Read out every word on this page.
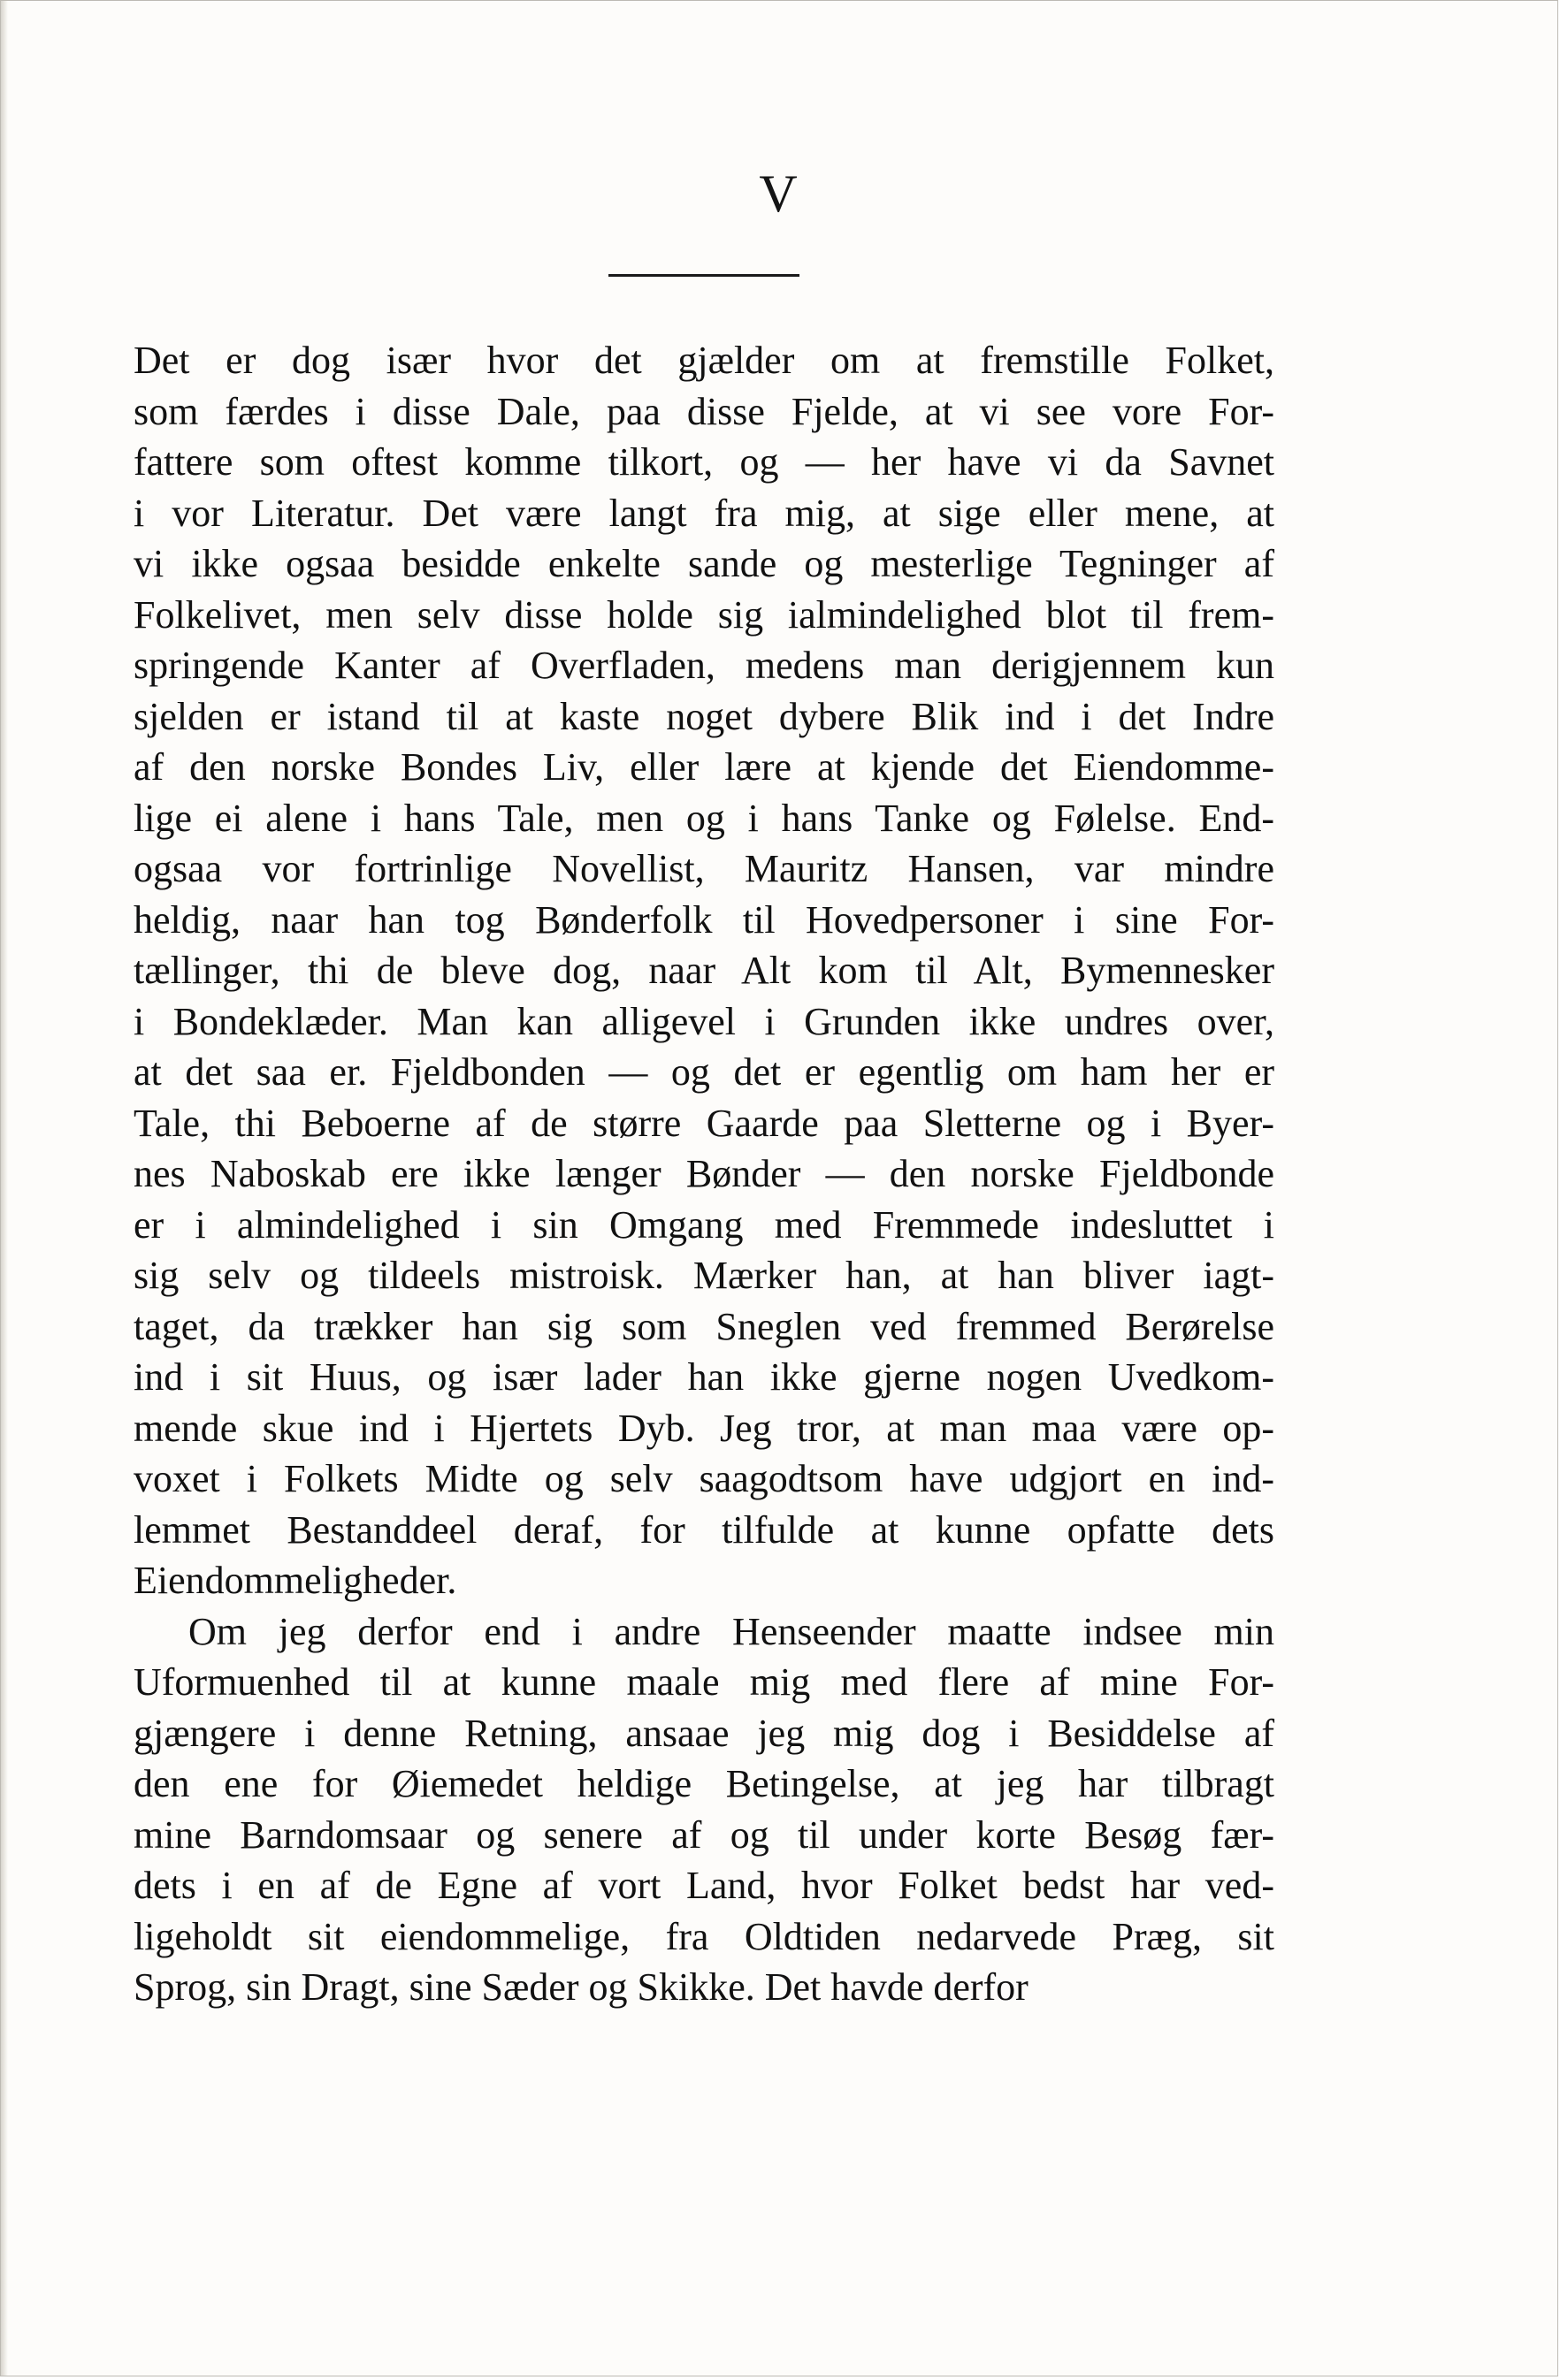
V
Det er dog især hvor det gjælder om at fremstille Folket,
som færdes i disse Dale, paa disse Fjelde, at vi see vore For-
fattere som oftest komme tilkort, og — her have vi da Savnet
i vor Literatur. Det være langt fra mig, at sige eller mene, at
vi ikke ogsaa besidde enkelte sande og mesterlige Tegninger af
Folkelivet, men selv disse holde sig ialmindelighed blot til frem-
springende Kanter af Overfladen, medens man derigjennem kun
sjelden er istand til at kaste noget dybere Blik ind i det Indre
af den norske Bondes Liv, eller lære at kjende det Eiendomme-
lige ei alene i hans Tale, men og i hans Tanke og Følelse. End-
ogsaa vor fortrinlige Novellist, Mauritz Hansen, var mindre
heldig, naar han tog Bønderfolk til Hovedpersoner i sine For-
tællinger, thi de bleve dog, naar Alt kom til Alt, Bymennesker
i Bondeklæder. Man kan alligevel i Grunden ikke undres over,
at det saa er. Fjeldbonden — og det er egentlig om ham her er
Tale, thi Beboerne af de større Gaarde paa Sletterne og i Byer-
nes Naboskab ere ikke længer Bønder — den norske Fjeldbonde
er i almindelighed i sin Omgang med Fremmede indesluttet i
sig selv og tildeels mistroisk. Mærker han, at han bliver iagt-
taget, da trækker han sig som Sneglen ved fremmed Berørelse
ind i sit Huus, og især lader han ikke gjerne nogen Uvedkom-
mende skue ind i Hjertets Dyb. Jeg tror, at man maa være op-
voxet i Folkets Midte og selv saagodtsom have udgjort en ind-
lemmet Bestanddeel deraf, for tilfulde at kunne opfatte dets
Eiendommeligheder.
Om jeg derfor end i andre Henseender maatte indsee min
Uformuenhed til at kunne maale mig med flere af mine For-
gjængere i denne Retning, ansaae jeg mig dog i Besiddelse af
den ene for Øiemedet heldige Betingelse, at jeg har tilbragt
mine Barndomsaar og senere af og til under korte Besøg fær-
dets i en af de Egne af vort Land, hvor Folket bedst har ved-
ligeholdt sit eiendommelige, fra Oldtiden nedarvede Præg, sit
Sprog, sin Dragt, sine Sæder og Skikke. Det havde derfor
